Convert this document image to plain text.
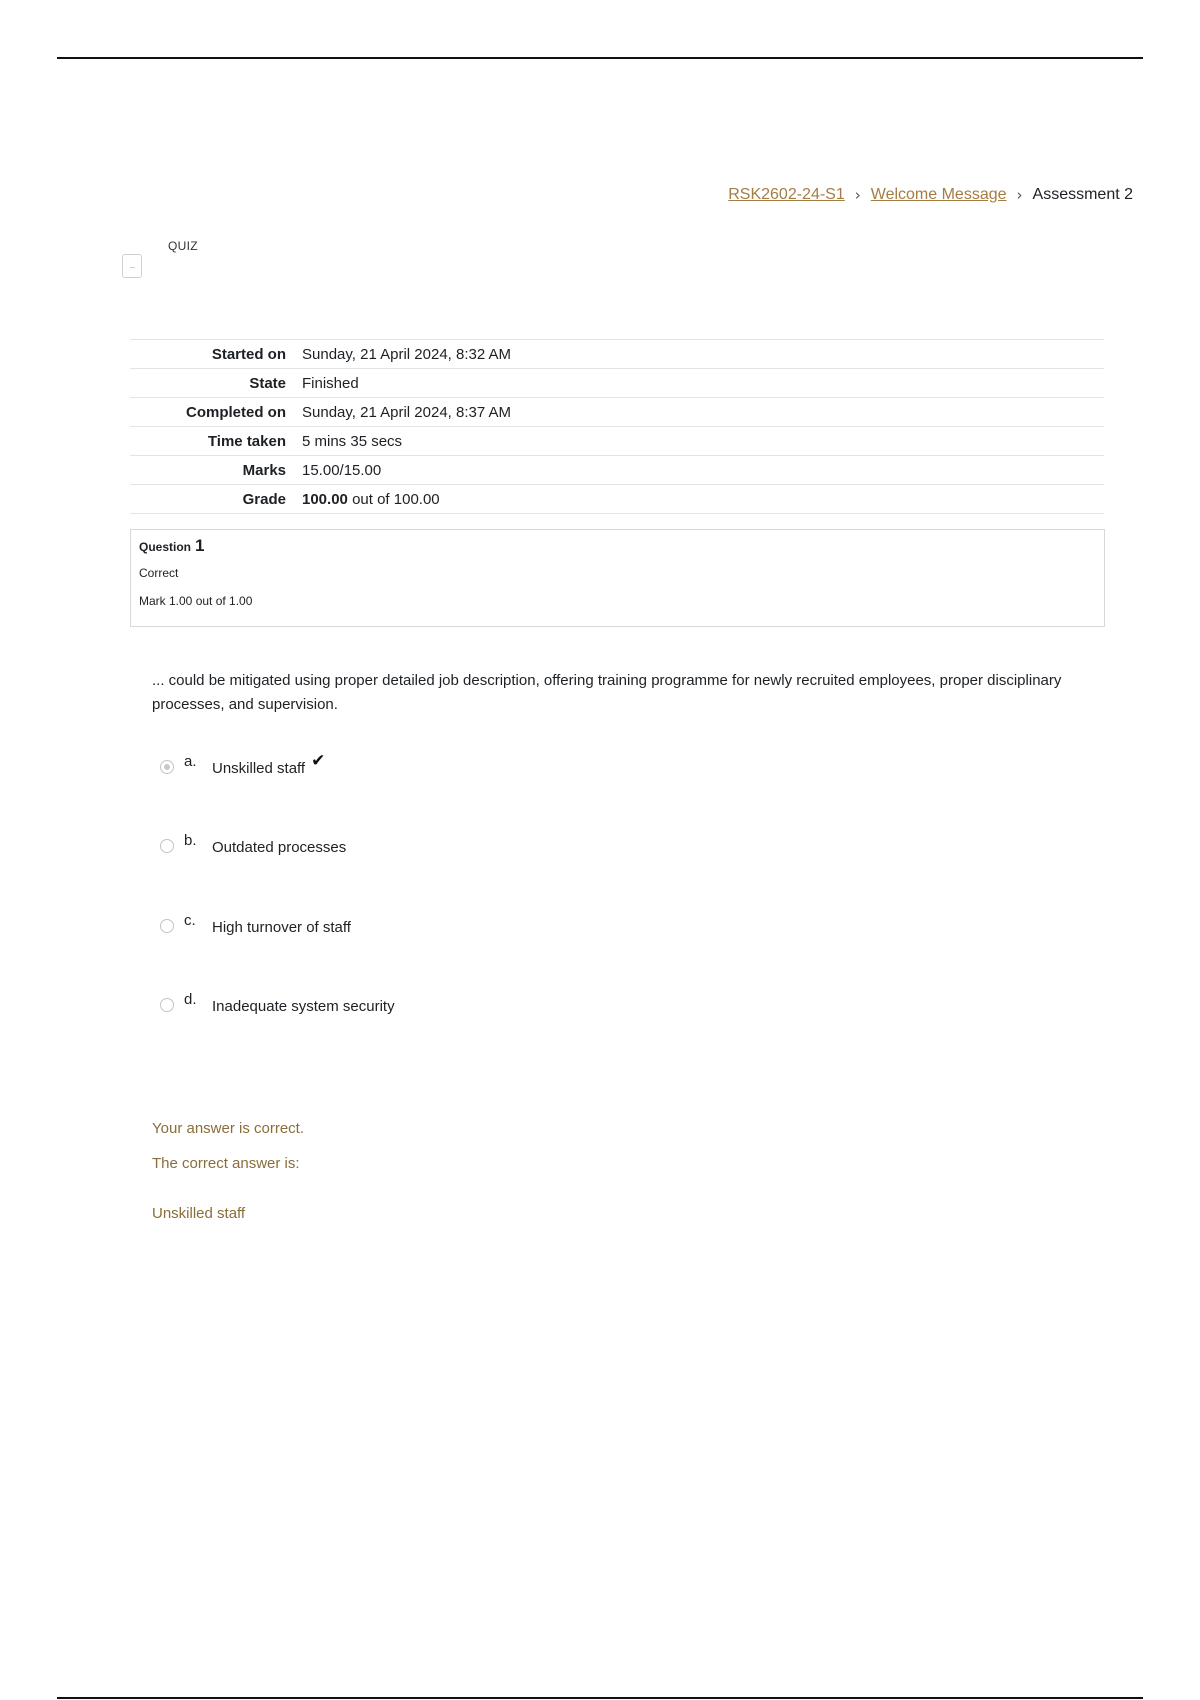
RSK2602-24-S1 › Welcome Message › Assessment 2
QUIZ
Started on	Sunday, 21 April 2024, 8:32 AM
State	Finished
Completed on	Sunday, 21 April 2024, 8:37 AM
Time taken	5 mins 35 secs
Marks	15.00/15.00
Grade	100.00 out of 100.00
Question 1
Correct
Mark 1.00 out of 1.00
... could be mitigated using proper detailed job description, offering training programme for newly recruited employees, proper disciplinary processes, and supervision.
a.	Unskilled staff ✔
b.	Outdated processes
c.	High turnover of staff
d.	Inadequate system security
Your answer is correct.
The correct answer is:
Unskilled staff
